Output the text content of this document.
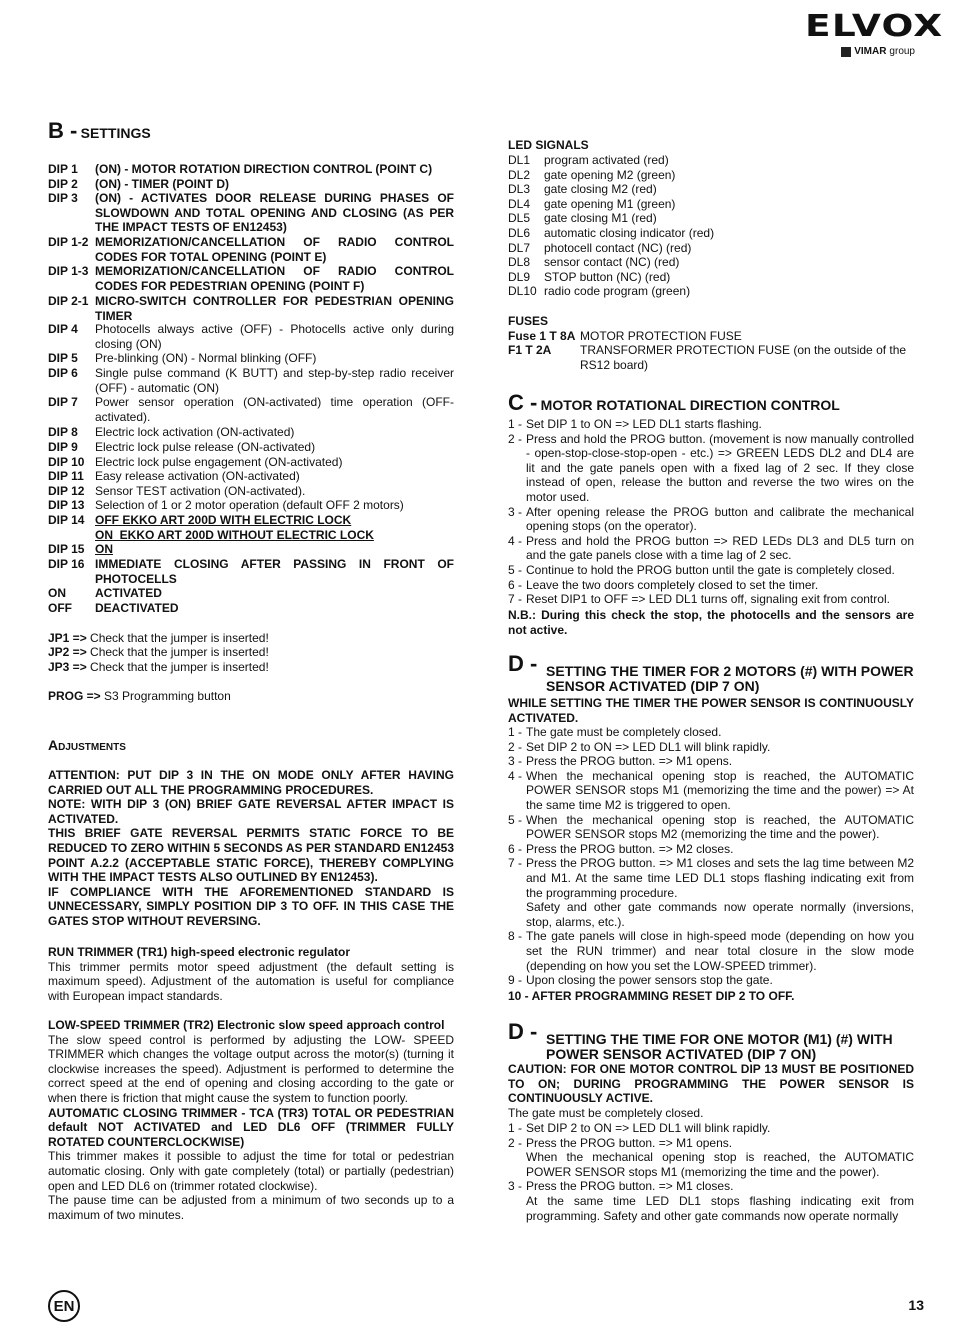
ELVOX
VIMAR group
B - SETTINGS
DIP 1	(ON) - MOTOR ROTATION DIRECTION CONTROL (POINT C)
DIP 2	(ON) - TIMER (POINT D)
DIP 3	(ON) - ACTIVATES DOOR RELEASE DURING PHASES OF SLOWDOWN AND TOTAL OPENING AND CLOSING (AS PER THE IMPACT TESTS OF EN12453)
DIP 1-2 MEMORIZATION/CANCELLATION OF RADIO CONTROL CODES FOR TOTAL OPENING (POINT E)
DIP 1-3 MEMORIZATION/CANCELLATION OF RADIO CONTROL CODES FOR PEDESTRIAN OPENING (POINT F)
DIP 2-1 MICRO-SWITCH CONTROLLER FOR PEDESTRIAN OPENING TIMER
DIP 4	Photocells always active (OFF) - Photocells active only during closing (ON)
DIP 5	Pre-blinking (ON) - Normal blinking (OFF)
DIP 6	Single pulse command (K BUTT) and step-by-step radio receiver (OFF) - automatic (ON)
DIP 7	Power sensor operation (ON-activated) time operation (OFF-activated).
DIP 8	Electric lock activation (ON-activated)
DIP 9	Electric lock pulse release (ON-activated)
DIP 10 Electric lock pulse engagement (ON-activated)
DIP 11 Easy release activation (ON-activated)
DIP 12 Sensor TEST activation (ON-activated).
DIP 13 Selection of 1 or 2 motor operation (default OFF 2 motors)
DIP 14 OFF EKKO ART 200D WITH ELECTRIC LOCK
ON  EKKO ART 200D WITHOUT ELECTRIC LOCK
DIP 15 ON
DIP 16 IMMEDIATE CLOSING AFTER PASSING IN FRONT OF PHOTOCELLS
ON	ACTIVATED
OFF	DEACTIVATED
JP1 => Check that the jumper is inserted!
JP2 => Check that the jumper is inserted!
JP3 => Check that the jumper is inserted!
PROG => S3 Programming button
Adjustments

ATTENTION: PUT DIP 3 IN THE ON MODE ONLY AFTER HAVING CARRIED OUT ALL THE PROGRAMMING PROCEDURES.

NOTE: WITH DIP 3 (ON) BRIEF GATE REVERSAL AFTER IMPACT IS ACTIVATED.

THIS BRIEF GATE REVERSAL PERMITS STATIC FORCE TO BE REDUCED TO ZERO WITHIN 5 SECONDS AS PER STANDARD EN12453 POINT A.2.2 (ACCEPTABLE STATIC FORCE), THEREBY COMPLYING WITH THE IMPACT TESTS ALSO OUTLINED BY EN12453).

IF COMPLIANCE WITH THE AFOREMENTIONED STANDARD IS UNNECESSARY, SIMPLY POSITION DIP 3 TO OFF. IN THIS CASE THE GATES STOP WITHOUT REVERSING.

RUN TRIMMER (TR1) high-speed electronic regulator

This trimmer permits motor speed adjustment (the default setting is maximum speed). Adjustment of the automation is useful for compliance with European impact standards.

LOW-SPEED TRIMMER (TR2) Electronic slow speed approach control

The slow speed control is performed by adjusting the LOW- SPEED TRIMMER which changes the voltage output across the motor(s) (turning it clockwise increases the speed). Adjustment is performed to determine the correct speed at the end of opening and closing according to the gate or when there is friction that might cause the system to function poorly.

AUTOMATIC CLOSING TRIMMER - TCA (TR3) TOTAL OR PEDESTRIAN default NOT ACTIVATED and LED DL6 OFF (TRIMMER FULLY ROTATED COUNTERCLOCKWISE)

This trimmer makes it possible to adjust the time for total or pedestrian automatic closing. Only with gate completely (total) or partially (pedestrian) open and LED DL6 on (trimmer rotated clockwise).

The pause time can be adjusted from a minimum of two seconds up to a maximum of two minutes.

LED SIGNALS
DL1	program activated (red)
DL2	gate opening M2 (green)
DL3	gate closing M2 (red)
DL4	gate opening M1 (green)
DL5	gate closing M1 (red)
DL6	automatic closing indicator (red)
DL7	photocell contact (NC) (red)
DL8	sensor contact (NC) (red)
DL9	STOP button (NC) (red)
DL10 radio code program (green)
FUSES
Fuse 1 T 8A MOTOR PROTECTION FUSE
F1 T 2A	TRANSFORMER PROTECTION FUSE (on the outside of the RS12 board)
C - MOTOR ROTATIONAL DIRECTION CONTROL
1 - Set DIP 1 to ON => LED DL1 starts flashing.
2 - Press and hold the PROG button. (movement is now manually controlled - open-stop-close-stop-open - etc.) => GREEN LEDS DL2 and DL4 are lit and the gate panels open with a fixed lag of 2 sec. If they close instead of open, release the button and reverse the two wires on the motor used.
3 - After opening release the PROG button and calibrate the mechanical opening stops (on the operator).
4 - Press and hold the PROG button => RED LEDs DL3 and DL5 turn on and the gate panels close with a time lag of 2 sec.
5 - Continue to hold the PROG button until the gate is completely closed.
6 - Leave the two doors completely closed to set the timer.
7 - Reset DIP1 to OFF => LED DL1 turns off, signaling exit from control.
N.B.: During this check the stop, the photocells and the sensors are not active.
D - SETTING THE TIMER FOR 2 MOTORS (#) WITH POWER SENSOR ACTIVATED (DIP 7 ON)
WHILE SETTING THE TIMER THE POWER SENSOR IS CONTINUOUSLY ACTIVATED.
1 - The gate must be completely closed.
2 - Set DIP 2 to ON => LED DL1 will blink rapidly.
3 - Press the PROG button. => M1 opens.
4 - When the mechanical opening stop is reached, the AUTOMATIC POWER SENSOR stops M1 (memorizing the time and the power) => At the same time M2 is triggered to open.
5 - When the mechanical opening stop is reached, the AUTOMATIC POWER SENSOR stops M2 (memorizing the time and the power).
6 - Press the PROG button. => M2 closes.
7 - Press the PROG button. => M1 closes and sets the lag time between M2 and M1. At the same time LED DL1 stops flashing indicating exit from the programming procedure.
Safety and other gate commands now operate normally (inversions, stop, alarms, etc.).
8 - The gate panels will close in high-speed mode (depending on how you set the RUN trimmer) and near total closure in the slow mode (depending on how you set the LOW-SPEED trimmer).
9 - Upon closing the power sensors stop the gate.
10 - AFTER PROGRAMMING RESET DIP 2 TO OFF.
D - SETTING THE TIME FOR ONE MOTOR (M1) (#) WITH POWER SENSOR ACTIVATED (DIP 7 ON)
CAUTION: FOR ONE MOTOR CONTROL DIP 13 MUST BE POSITIONED TO ON; DURING PROGRAMMING THE POWER SENSOR IS CONTINUOUSLY ACTIVE.
The gate must be completely closed.
1 - Set DIP 2 to ON => LED DL1 will blink rapidly.
2 - Press the PROG button. => M1 opens.
When the mechanical opening stop is reached, the AUTOMATIC POWER SENSOR stops M1 (memorizing the time and the power).
3 - Press the PROG button. => M1 closes.
At the same time LED DL1 stops flashing indicating exit from programming. Safety and other gate commands now operate normally
EN	13
